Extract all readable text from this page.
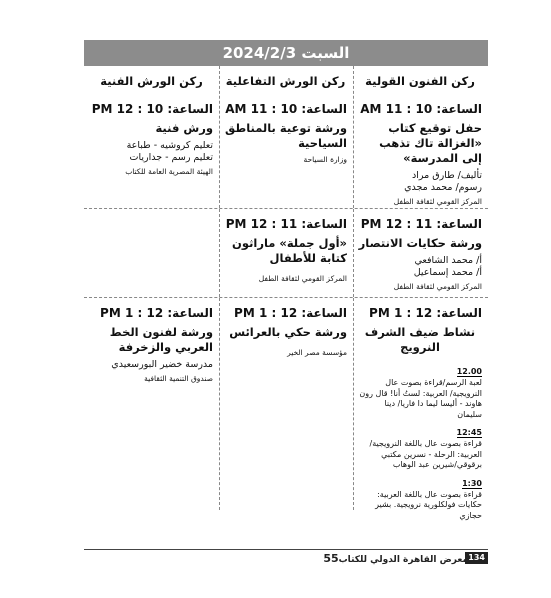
السبت 2024/2/3
ركن الفنون القولية
الساعة: 10 : 11 AM
حفل توقيع كتاب «الغزالة تاك تذهب إلى المدرسة»
تأليف/ طارق مراد
رسوم/ محمد مجدي
المركز القومي لثقافة الطفل
ركن الورش التفاعلية
الساعة: 10 : 11 AM
ورشة توعية بالمناطق السياحية
وزارة السياحة
ركن الورش الفنية
الساعة: 10 : 12 PM
ورش فنية
تعليم كروشيه - طباعة
تعليم رسم - جداريات
الهيئة المصرية العامة للكتاب
الساعة: 11 : 12 PM
ورشة حكايات الانتصار
أ/ محمد الشافعي
أ/ محمد إسماعيل
المركز القومي لثقافة الطفل
الساعة: 11 : 12 PM
«أول جملة» ماراثون كتابة للأطفال
المركز القومي لثقافة الطفل
الساعة: 12 : 1 PM
نشاط ضيف الشرف النرويج
12.00
لعبة الرسم/قراءة بصوت عال النرويجية/ العربية: لستُ أنا! قال رون هاوند - أليسا ليما دا فاريا/ دينا سليمان
12:45
قراءة بصوت عال باللغة النرويجية/ العربية: الرحلة - نسرين مكتبي برقوقي/شيرين عبد الوهاب
1:30
قراءة بصوت عال باللغة العربية: حكايات فولكلورية نرويجية. بشير حجازي
الساعة: 12 : 1 PM
ورشة حكي بالعرائس
مؤسسة مصر الخير
الساعة: 12 : 1 PM
ورشة لفنون الخط العربي والزخرفة
مدرسة خضير البورسعيدي
صندوق التنمية الثقافية
134
معرض القاهرة الدولي للكتاب55
